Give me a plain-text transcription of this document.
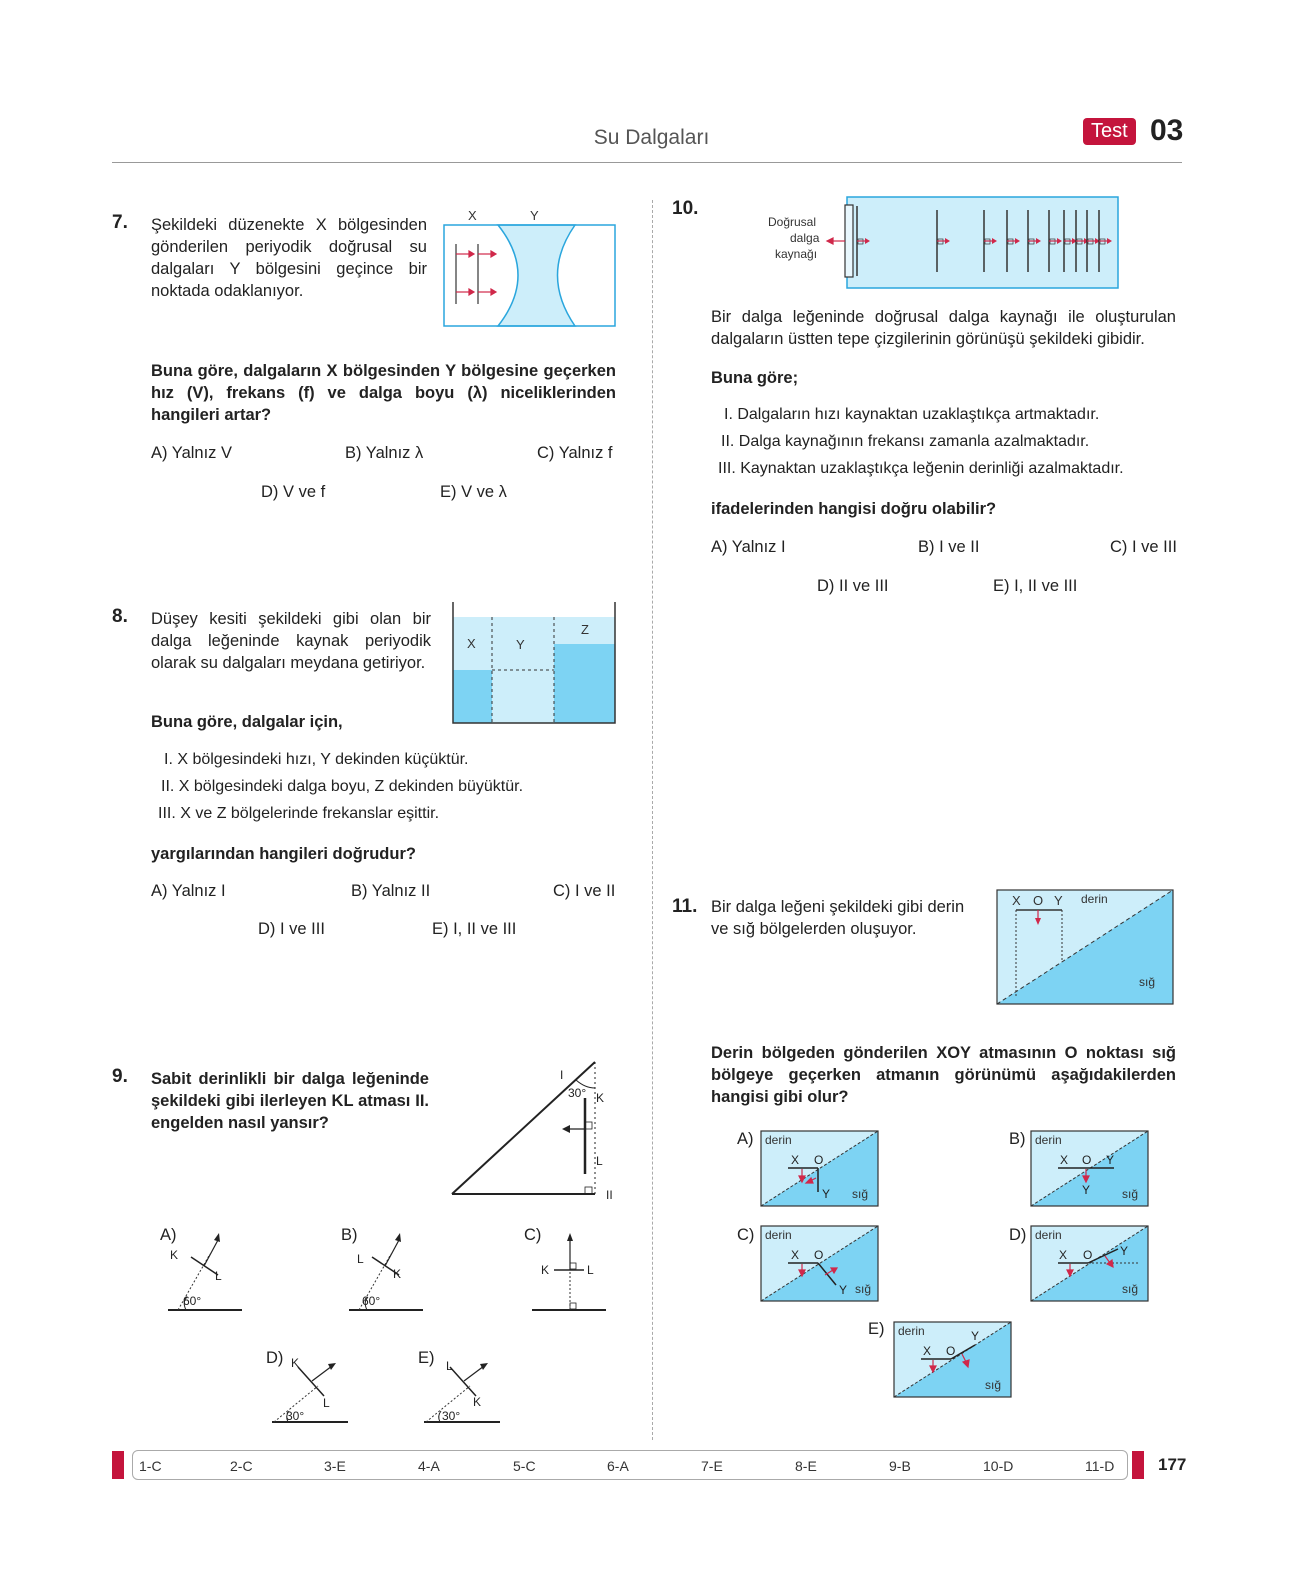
Su Dalgaları	Test 03
7. Şekildeki düzenekte X bölgesinden gönderilen periyodik doğrusal su dalgaları Y bölgesini geçince bir noktada odaklanıyor.
X	Y
Buna göre, dalgaların X bölgesinden Y bölgesine geçerken hız (V), frekans (f) ve dalga boyu (λ) niceliklerinden hangileri artar?
A) Yalnız V	B) Yalnız λ	C) Yalnız f
D) V ve f	E) V ve λ
8. Düşey kesiti şekildeki gibi olan bir dalga leğeninde kaynak periyodik olarak su dalgaları meydana getiriyor.
X	Y
Z
Buna göre, dalgalar için,
I. X bölgesindeki hızı, Y dekinden küçüktür.
II. X bölgesindeki dalga boyu, Z dekinden büyüktür.
III. X ve Z bölgelerinde frekanslar eşittir.
yargılarından hangileri doğrudur?
A) Yalnız I	B) Yalnız II	C) I ve II
D) I ve III	E) I, II ve III
9. Sabit derinlikli bir dalga leğeninde şekildeki gibi ilerleyen KL atması II. engelden nasıl yansır?
30°
I
K
L
II
A)
K
L
60°
B)
L
K
60°
C)
K	L
D) K
L
30°
E) L
K
30°
10.
Doğrusal
dalga
kaynağı
Bir dalga leğeninde doğrusal dalga kaynağı ile oluşturulan dalgaların üstten tepe çizgilerinin görünüşü şekildeki gibidir.
Buna göre;
I. Dalgaların hızı kaynaktan uzaklaştıkça artmaktadır.
II. Dalga kaynağının frekansı zamanla azalmaktadır.
III. Kaynaktan uzaklaştıkça leğenin derinliği azalmaktadır.
ifadelerinden hangisi doğru olabilir?
A) Yalnız I	B) I ve II	C) I ve III
D) II ve III	E) I, II ve III
11. Bir dalga leğeni şekildeki gibi derin ve sığ bölgelerden oluşuyor.
X O Y derin
sığ
Derin bölgeden gönderilen XOY atmasının O noktası sığ bölgeye geçerken atmanın görünümü aşağıdakilerden hangisi gibi olur?
A) derin
sığ
X O
Y
B) derin
sığ
X O Y
Y
C) derin
sığ
X O
Y
D) derin
sığ
X O Y
E) derin
sığ
X O
Y
1-C	2-C	3-E	4-A	5-C	6-A	7-E	8-E	9-B	10-D	11-D	177
